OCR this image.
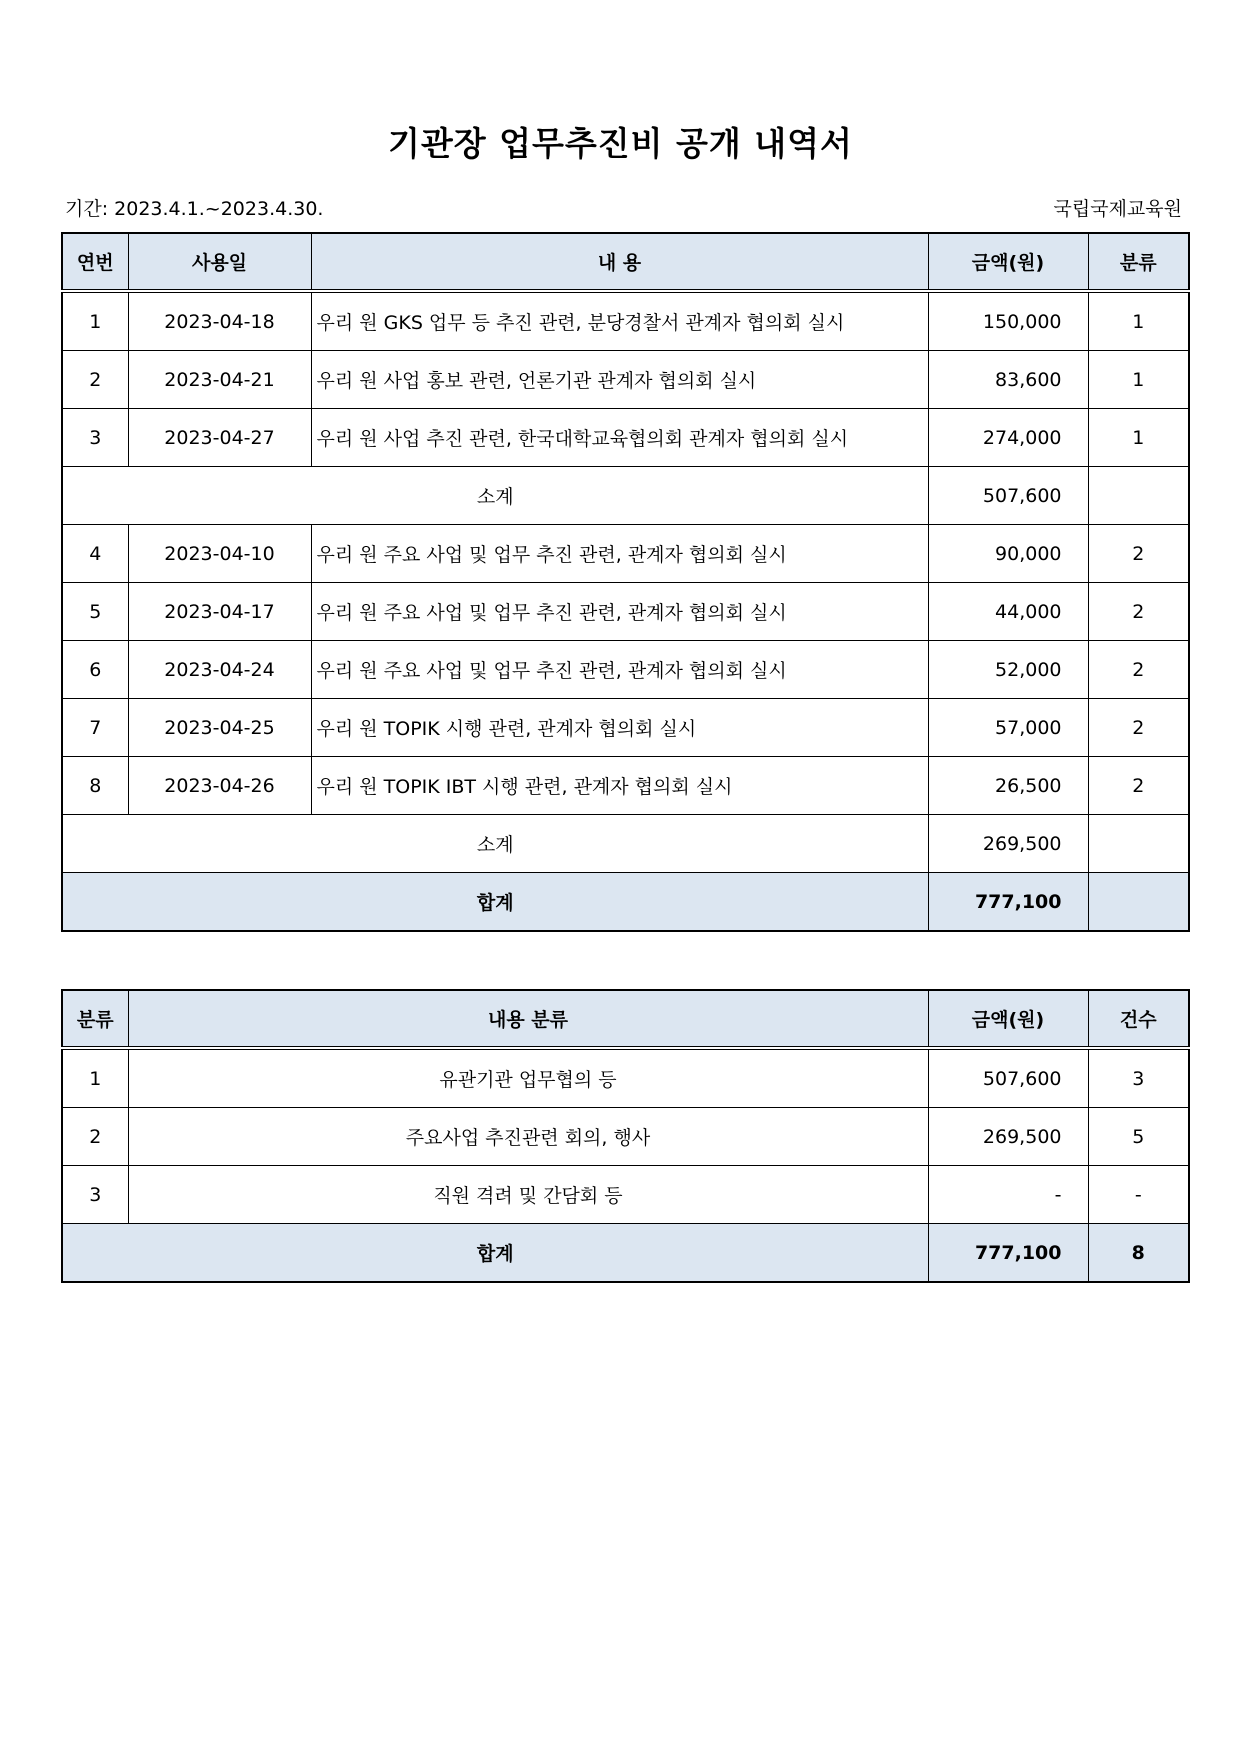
기관장 업무추진비 공개 내역서
기간: 2023.4.1.~2023.4.30.	국립국제교육원
연번	사용일	내 용	금액(원)	분류
1	2023-04-18	우리 원 GKS 업무 등 추진 관련, 분당경찰서 관계자 협의회 실시	150,000	1
2	2023-04-21	우리 원 사업 홍보 관련, 언론기관 관계자 협의회 실시	83,600	1
3	2023-04-27	우리 원 사업 추진 관련, 한국대학교육협의회 관계자 협의회 실시	274,000	1
소계			507,600	
4	2023-04-10	우리 원 주요 사업 및 업무 추진 관련, 관계자 협의회 실시	90,000	2
5	2023-04-17	우리 원 주요 사업 및 업무 추진 관련, 관계자 협의회 실시	44,000	2
6	2023-04-24	우리 원 주요 사업 및 업무 추진 관련, 관계자 협의회 실시	52,000	2
7	2023-04-25	우리 원 TOPIK 시행 관련, 관계자 협의회 실시	57,000	2
8	2023-04-26	우리 원 TOPIK IBT 시행 관련, 관계자 협의회 실시	26,500	2
소계			269,500	
합계			777,100	
분류	내용 분류	금액(원)	건수
1	유관기관 업무협의 등	507,600	3
2	주요사업 추진관련 회의, 행사	269,500	5
3	직원 격려 및 간담회 등	-	-
합계		777,100	8
